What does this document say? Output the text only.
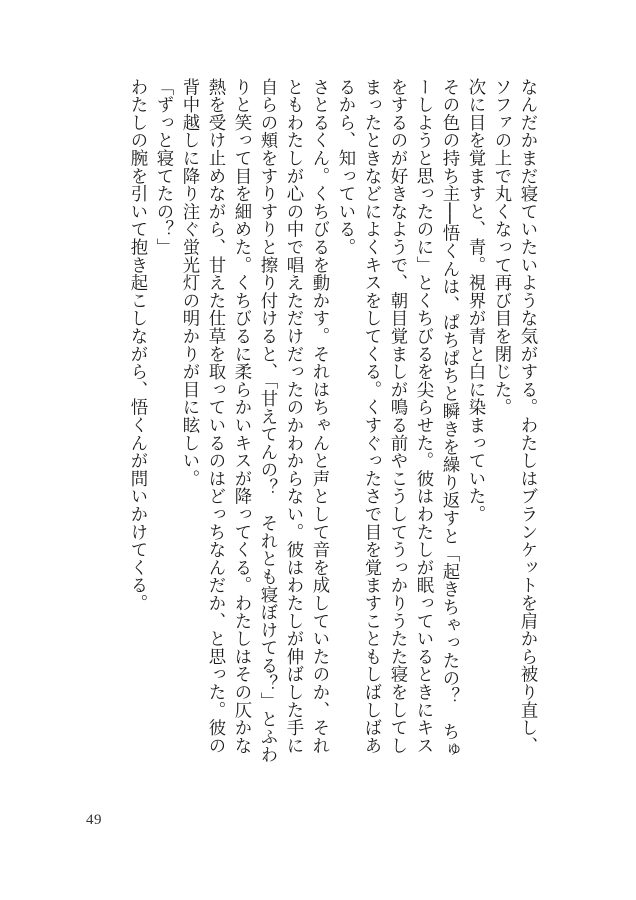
なんだかまだ寝ていたいような気がする。わたしはブランケットを肩から被り直し、ソファの上で丸くなって再び目を閉じた。

次に目を覚ますと、青。視界が青と白に染まっていた。

その色の持ち主──悟くんは、ぱちぱちと瞬きを繰り返すと「起きちゃったの？　ちゅーしようと思ったのに」とくちびるを尖らせた。彼はわたしが眠っているときにキスをするのが好きなようで、朝目覚ましが鳴る前やこうしてうっかりうたた寝をしてしまったときなどによくキスをしてくる。くすぐったさで目を覚ますこともしばしばあるから、知っている。

さとるくん。くちびるを動かす。それはちゃんと声として音を成していたのか、それともわたしが心の中で唱えただけだったのかわからない。彼はわたしが伸ばした手に自らの頬をすりすりと擦り付けると、「甘えてんの？　それとも寝ぼけてる？」とふわりと笑って目を細めた。くちびるに柔らかいキスが降ってくる。わたしはその仄かな熱を受け止めながら、甘えた仕草を取っているのはどっちなんだか、と思った。彼の背中越しに降り注ぐ蛍光灯の明かりが目に眩しい。

「ずっと寝てたの？」

わたしの腕を引いて抱き起こしながら、悟くんが問いかけてくる。

49
